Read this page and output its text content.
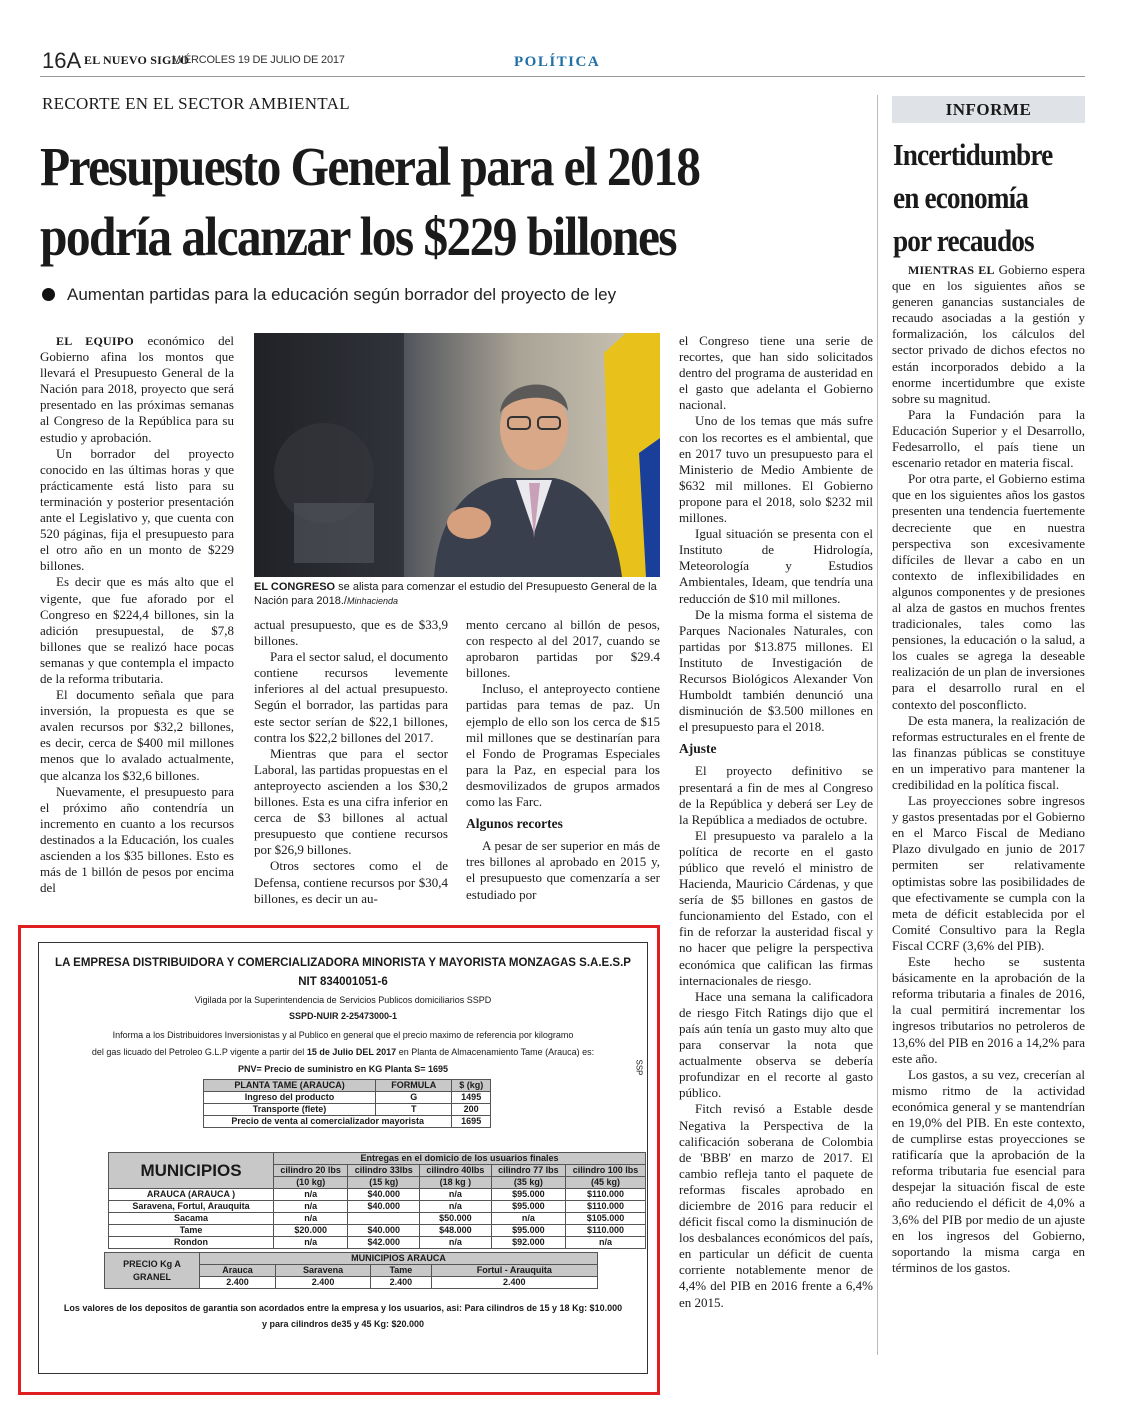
16A EL NUEVO SIGLO
MIÉRCOLES 19 DE JULIO DE 2017	POLÍTICA
RECORTE EN EL SECTOR AMBIENTAL
Presupuesto General para el 2018
podría alcanzar los $229 billones
Aumentan partidas para la educación según borrador del proyecto de ley

EL EQUIPO económico del Gobierno afina los montos que llevará el Presupuesto General de la Nación para 2018, proyecto que será presentado en las próximas semanas al Congreso de la República para su estudio y aprobación.

Un borrador del proyecto conocido en las últimas horas y que prácticamente está listo para su terminación y posterior presentación ante el Legislativo y, que cuenta con 520 páginas, fija el presupuesto para el otro año en un monto de $229 billones.

Es decir que es más alto que el vigente, que fue aforado por el Congreso en $224,4 billones, sin la adición presupuestal, de $7,8 billones que se realizó hace pocas semanas y que contempla el impacto de la reforma tributaria.

El documento señala que para inversión, la propuesta es que se avalen recursos por $32,2 billones, es decir, cerca de $400 mil millones menos que lo avalado actualmente, que alcanza los $32,6 billones.

Nuevamente, el presupuesto para el próximo año contendría un incremento en cuanto a los recursos destinados a la Educación, los cuales ascienden a los $35 billones. Esto es más de 1 billón de pesos por encima del

EL CONGRESO se alista para comenzar el estudio del Presupuesto General de la Nación para 2018./Minhacienda

actual presupuesto, que es de $33,9 billones.

Para el sector salud, el documento contiene recursos levemente inferiores al del actual presupuesto. Según el borrador, las partidas para este sector serían de $22,1 billones, contra los $22,2 billones del 2017.

Mientras que para el sector Laboral, las partidas propuestas en el anteproyecto ascienden a los $30,2 billones. Esta es una cifra inferior en cerca de $3 billones al actual presupuesto que contiene recursos por $26,9 billones.

Otros sectores como el de Defensa, contiene recursos por $30,4 billones, es decir un au-

mento cercano al billón de pesos, con respecto al del 2017, cuando se aprobaron partidas por $29.4 billones.

Incluso, el anteproyecto contiene partidas para temas de paz. Un ejemplo de ello son los cerca de $15 mil millones que se destinarían para el Fondo de Programas Especiales para la Paz, en especial para los desmovilizados de grupos armados como las Farc.

Algunos recortes

A pesar de ser superior en más de tres billones al aprobado en 2015 y, el presupuesto que comenzaría a ser estudiado por

el Congreso tiene una serie de recortes, que han sido solicitados dentro del programa de austeridad en el gasto que adelanta el Gobierno nacional.

Uno de los temas que más sufre con los recortes es el ambiental, que en 2017 tuvo un presupuesto para el Ministerio de Medio Ambiente de $632 mil millones. El Gobierno propone para el 2018, solo $232 mil millones.

Igual situación se presenta con el Instituto de Hidrología, Meteorología y Estudios Ambientales, Ideam, que tendría una reducción de $10 mil millones.

De la misma forma el sistema de Parques Nacionales Naturales, con partidas por $13.875 millones. El Instituto de Investigación de Recursos Biológicos Alexander Von Humboldt también denunció una disminución de $3.500 millones en el presupuesto para el 2018.

Ajuste

El proyecto definitivo se presentará a fin de mes al Congreso de la República y deberá ser Ley de la República a mediados de octubre.

El presupuesto va paralelo a la política de recorte en el gasto público que reveló el ministro de Hacienda, Mauricio Cárdenas, y que sería de $5 billones en gastos de funcionamiento del Estado, con el fin de reforzar la austeridad fiscal y no hacer que peligre la perspectiva económica que califican las firmas internacionales de riesgo.

Hace una semana la calificadora de riesgo Fitch Ratings dijo que el país aún tenía un gasto muy alto que para conservar la nota que actualmente observa se debería profundizar en el recorte al gasto público.

Fitch revisó a Estable desde Negativa la Perspectiva de la calificación soberana de Colombia de 'BBB' en marzo de 2017. El cambio refleja tanto el paquete de reformas fiscales aprobado en diciembre de 2016 para reducir el déficit fiscal como la disminución de los desbalances económicos del país, en particular un déficit de cuenta corriente notablemente menor de 4,4% del PIB en 2016 frente a 6,4% en 2015.

INFORME
Incertidumbre
en economía
por recaudos

MIENTRAS EL Gobierno espera que en los siguientes años se generen ganancias sustanciales de recaudo asociadas a la gestión y formalización, los cálculos del sector privado de dichos efectos no están incorporados debido a la enorme incertidumbre que existe sobre su magnitud.

Para la Fundación para la Educación Superior y el Desarrollo, Fedesarrollo, el país tiene un escenario retador en materia fiscal.

Por otra parte, el Gobierno estima que en los siguientes años los gastos presenten una tendencia fuertemente decreciente que en nuestra perspectiva son excesivamente difíciles de llevar a cabo en un contexto de inflexibilidades en algunos componentes y de presiones al alza de gastos en muchos frentes tradicionales, tales como las pensiones, la educación o la salud, a los cuales se agrega la deseable realización de un plan de inversiones para el desarrollo rural en el contexto del posconflicto.

De esta manera, la realización de reformas estructurales en el frente de las finanzas públicas se constituye en un imperativo para mantener la credibilidad en la política fiscal.

Las proyecciones sobre ingresos y gastos presentadas por el Gobierno en el Marco Fiscal de Mediano Plazo divulgado en junio de 2017 permiten ser relativamente optimistas sobre las posibilidades de que efectivamente se cumpla con la meta de déficit establecida por el Comité Consultivo para la Regla Fiscal CCRF (3,6% del PIB).

Este hecho se sustenta básicamente en la aprobación de la reforma tributaria a finales de 2016, la cual permitirá incrementar los ingresos tributarios no petroleros de 13,6% del PIB en 2016 a 14,2% para este año.

Los gastos, a su vez, crecerían al mismo ritmo de la actividad económica general y se mantendrían en 19,0% del PIB. En este contexto, de cumplirse estas proyecciones se ratificaría que la aprobación de la reforma tributaria fue esencial para despejar la situación fiscal de este año reduciendo el déficit de 4,0% a 3,6% del PIB por medio de un ajuste en los ingresos del Gobierno, soportando la misma carga en términos de los gastos.

LA EMPRESA DISTRIBUIDORA Y COMERCIALIZADORA MINORISTA Y MAYORISTA MONZAGAS S.A.E.S.P
NIT 834001051-6
Vigilada por la Superintendencia de Servicios Publicos domiciliarios SSPD
SSPD-NUIR 2-25473000-1
Informa a los Distribuidores Inversionistas y al Publico en general que el precio maximo de referencia por kilogramo
del gas licuado del Petroleo G.L.P vigente a partir del 15 de Julio DEL 2017 en Planta de Almacenamiento Tame (Arauca) es:
PNV= Precio de suministro en KG Planta S= 1695	SSP
PLANTA TAME (ARAUCA)	FORMULA	$ (kg)
Ingreso del producto	G	1495
Transporte (flete)	T	200
Precio de venta al comercializador mayorista		1695
MUNICIPIOS	Entregas en el domicio de los usuarios finales				
	cilindro 20 lbs	cilindro 33lbs	cilindro 40lbs	cilindro 77 lbs	cilindro 100 lbs
	(10 kg)	(15 kg)	(18 kg )	(35 kg)	(45 kg)
ARAUCA (ARAUCA )	n/a	$40.000	n/a	$95.000	$110.000
Saravena, Fortul, Arauquita	n/a	$40.000	n/a	$95.000	$110.000
Sacama	n/a		$50.000	n/a	$105.000
Tame	$20.000	$40.000	$48.000	$95.000	$110.000
Rondon	n/a	$42.000	n/a	$92.000	n/a
PRECIO Kg A
GRANEL	MUNICIPIOS ARAUCA			
	Arauca	Saravena	Tame	Fortul - Arauquita
	2.400	2.400	2.400	2.400
Los valores de los depositos de garantia son acordados entre la empresa y los usuarios, asi: Para cilindros de 15 y 18 Kg: $10.000
y para cilindros de35 y 45 Kg: $20.000
